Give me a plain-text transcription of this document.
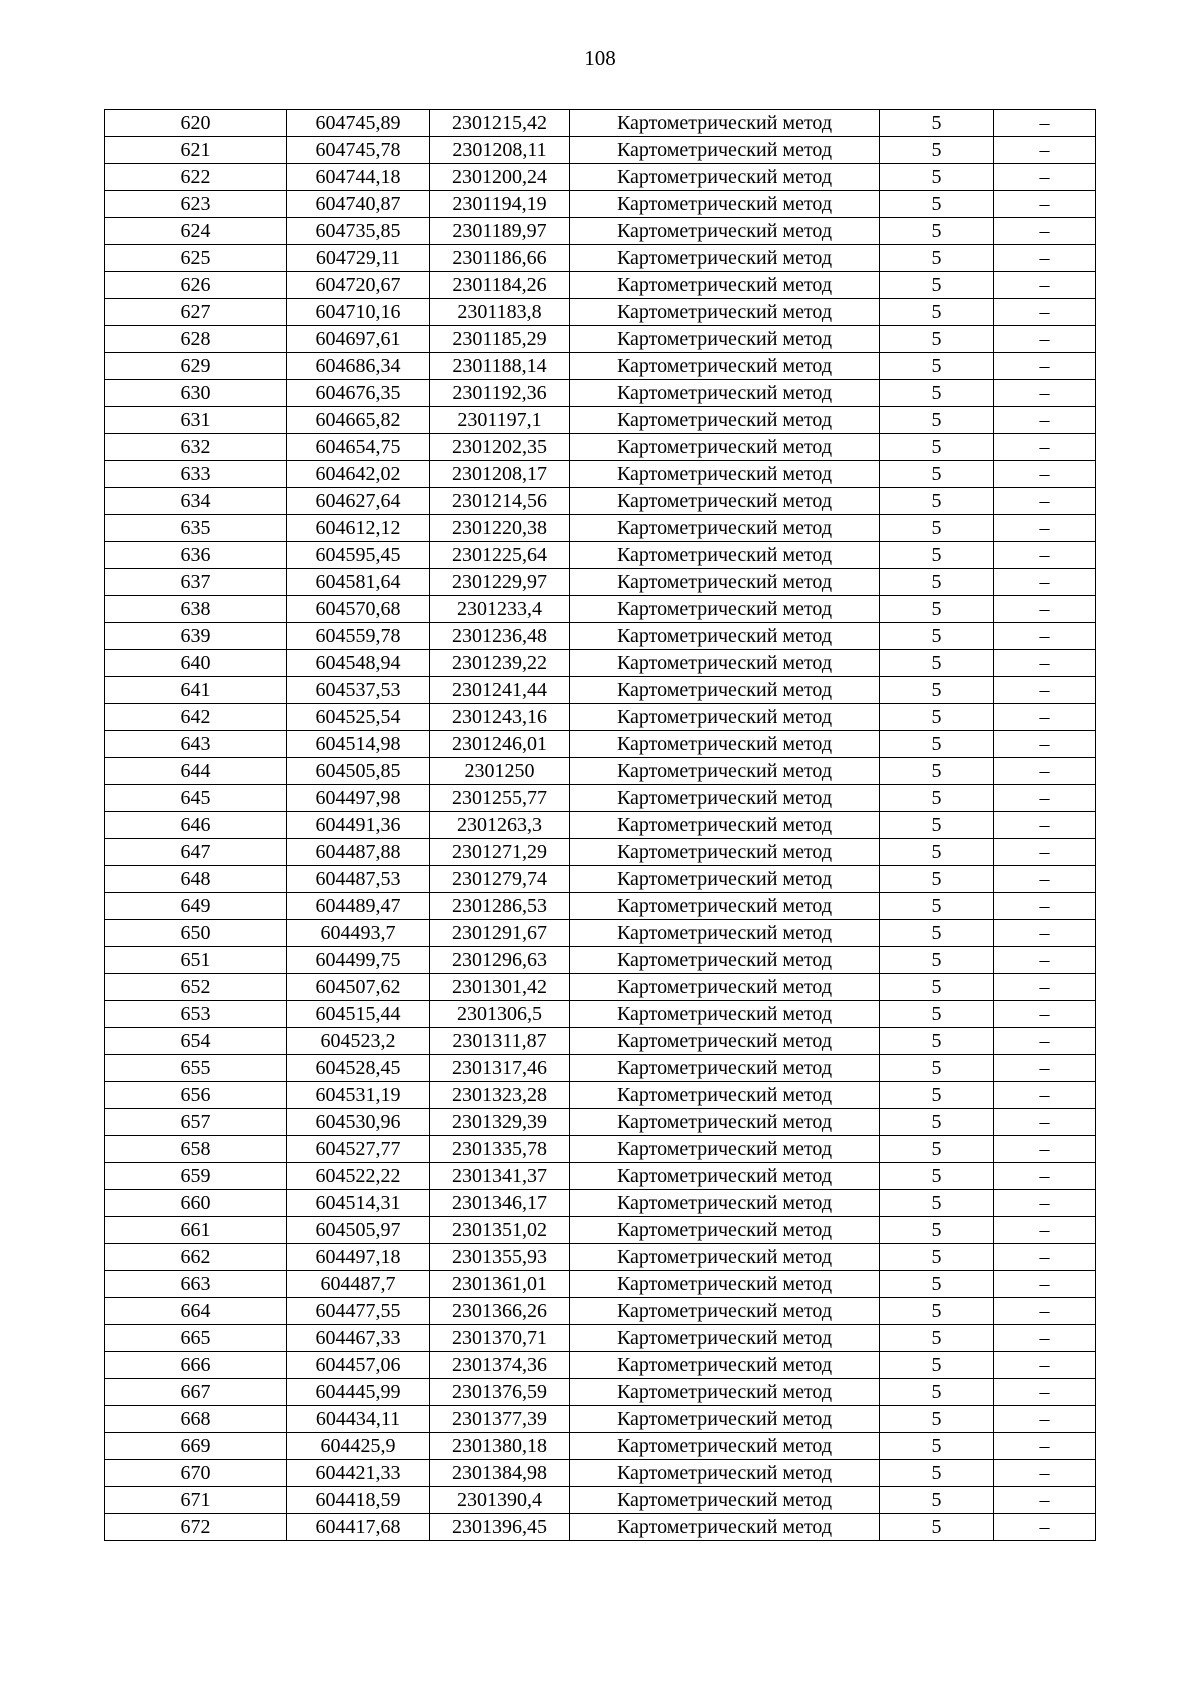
108
620	604745,89	2301215,42	Картометрический метод	5	–
621	604745,78	2301208,11	Картометрический метод	5	–
622	604744,18	2301200,24	Картометрический метод	5	–
623	604740,87	2301194,19	Картометрический метод	5	–
624	604735,85	2301189,97	Картометрический метод	5	–
625	604729,11	2301186,66	Картометрический метод	5	–
626	604720,67	2301184,26	Картометрический метод	5	–
627	604710,16	2301183,8	Картометрический метод	5	–
628	604697,61	2301185,29	Картометрический метод	5	–
629	604686,34	2301188,14	Картометрический метод	5	–
630	604676,35	2301192,36	Картометрический метод	5	–
631	604665,82	2301197,1	Картометрический метод	5	–
632	604654,75	2301202,35	Картометрический метод	5	–
633	604642,02	2301208,17	Картометрический метод	5	–
634	604627,64	2301214,56	Картометрический метод	5	–
635	604612,12	2301220,38	Картометрический метод	5	–
636	604595,45	2301225,64	Картометрический метод	5	–
637	604581,64	2301229,97	Картометрический метод	5	–
638	604570,68	2301233,4	Картометрический метод	5	–
639	604559,78	2301236,48	Картометрический метод	5	–
640	604548,94	2301239,22	Картометрический метод	5	–
641	604537,53	2301241,44	Картометрический метод	5	–
642	604525,54	2301243,16	Картометрический метод	5	–
643	604514,98	2301246,01	Картометрический метод	5	–
644	604505,85	2301250	Картометрический метод	5	–
645	604497,98	2301255,77	Картометрический метод	5	–
646	604491,36	2301263,3	Картометрический метод	5	–
647	604487,88	2301271,29	Картометрический метод	5	–
648	604487,53	2301279,74	Картометрический метод	5	–
649	604489,47	2301286,53	Картометрический метод	5	–
650	604493,7	2301291,67	Картометрический метод	5	–
651	604499,75	2301296,63	Картометрический метод	5	–
652	604507,62	2301301,42	Картометрический метод	5	–
653	604515,44	2301306,5	Картометрический метод	5	–
654	604523,2	2301311,87	Картометрический метод	5	–
655	604528,45	2301317,46	Картометрический метод	5	–
656	604531,19	2301323,28	Картометрический метод	5	–
657	604530,96	2301329,39	Картометрический метод	5	–
658	604527,77	2301335,78	Картометрический метод	5	–
659	604522,22	2301341,37	Картометрический метод	5	–
660	604514,31	2301346,17	Картометрический метод	5	–
661	604505,97	2301351,02	Картометрический метод	5	–
662	604497,18	2301355,93	Картометрический метод	5	–
663	604487,7	2301361,01	Картометрический метод	5	–
664	604477,55	2301366,26	Картометрический метод	5	–
665	604467,33	2301370,71	Картометрический метод	5	–
666	604457,06	2301374,36	Картометрический метод	5	–
667	604445,99	2301376,59	Картометрический метод	5	–
668	604434,11	2301377,39	Картометрический метод	5	–
669	604425,9	2301380,18	Картометрический метод	5	–
670	604421,33	2301384,98	Картометрический метод	5	–
671	604418,59	2301390,4	Картометрический метод	5	–
672	604417,68	2301396,45	Картометрический метод	5	–
